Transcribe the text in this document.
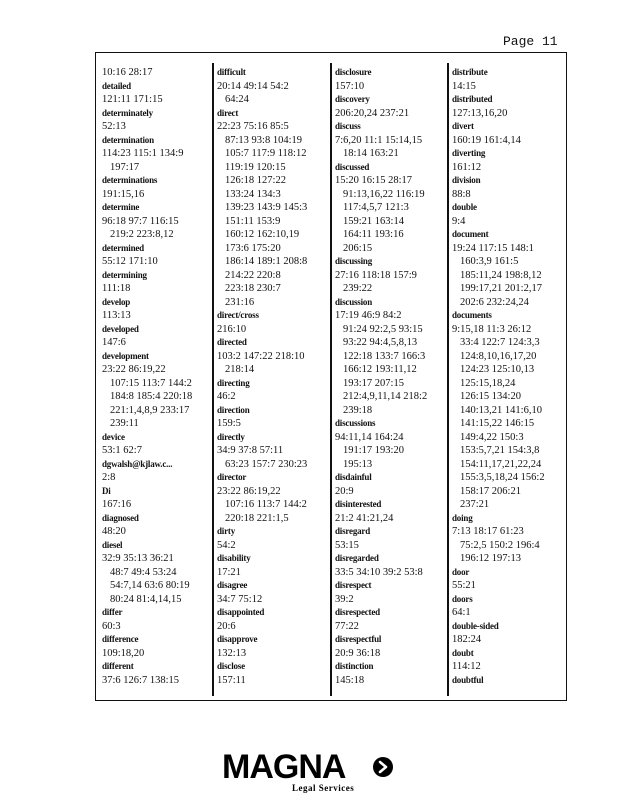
Page 11
10:16 28:17
detailed
121:11 171:15
determinately
52:13
determination
114:23 115:1 134:9
197:17
determinations
191:15,16
determine
96:18 97:7 116:15
219:2 223:8,12
determined
55:12 171:10
determining
111:18
develop
113:13
developed
147:6
development
23:22 86:19,22
107:15 113:7 144:2
184:8 185:4 220:18
221:1,4,8,9 233:17
239:11
device
53:1 62:7
dgwalsh@kjlaw.c...
2:8
Di
167:16
diagnosed
48:20
diesel
32:9 35:13 36:21
48:7 49:4 53:24
54:7,14 63:6 80:19
80:24 81:4,14,15
differ
60:3
difference
109:18,20
different
37:6 126:7 138:15
difficult
20:14 49:14 54:2
64:24
direct
22:23 75:16 85:5
87:13 93:8 104:19
105:7 117:9 118:12
119:19 120:15
126:18 127:22
133:24 134:3
139:23 143:9 145:3
151:11 153:9
160:12 162:10,19
173:6 175:20
186:14 189:1 208:8
214:22 220:8
223:18 230:7
231:16
direct/cross
216:10
directed
103:2 147:22 218:10
218:14
directing
46:2
direction
159:5
directly
34:9 37:8 57:11
63:23 157:7 230:23
director
23:22 86:19,22
107:16 113:7 144:2
220:18 221:1,5
dirty
54:2
disability
17:21
disagree
34:7 75:12
disappointed
20:6
disapprove
132:13
disclose
157:11
disclosure
157:10
discovery
206:20,24 237:21
discuss
7:6,20 11:1 15:14,15
18:14 163:21
discussed
15:20 16:15 28:17
91:13,16,22 116:19
117:4,5,7 121:3
159:21 163:14
164:11 193:16
206:15
discussing
27:16 118:18 157:9
239:22
discussion
17:19 46:9 84:2
91:24 92:2,5 93:15
93:22 94:4,5,8,13
122:18 133:7 166:3
166:12 193:11,12
193:17 207:15
212:4,9,11,14 218:2
239:18
discussions
94:11,14 164:24
191:17 193:20
195:13
disdainful
20:9
disinterested
21:2 41:21,24
disregard
53:15
disregarded
33:5 34:10 39:2 53:8
disrespect
39:2
disrespected
77:22
disrespectful
20:9 36:18
distinction
145:18
distribute
14:15
distributed
127:13,16,20
divert
160:19 161:4,14
diverting
161:12
division
88:8
double
9:4
document
19:24 117:15 148:1
160:3,9 161:5
185:11,24 198:8,12
199:17,21 201:2,17
202:6 232:24,24
documents
9:15,18 11:3 26:12
33:4 122:7 124:3,3
124:8,10,16,17,20
124:23 125:10,13
125:15,18,24
126:15 134:20
140:13,21 141:6,10
141:15,22 146:15
149:4,22 150:3
153:5,7,21 154:3,8
154:11,17,21,22,24
155:3,5,18,24 156:2
158:17 206:21
237:21
doing
7:13 18:17 61:23
75:2,5 150:2 196:4
196:12 197:13
door
55:21
doors
64:1
double-sided
182:24
doubt
114:12
doubtful
MAGNA
Legal Services
